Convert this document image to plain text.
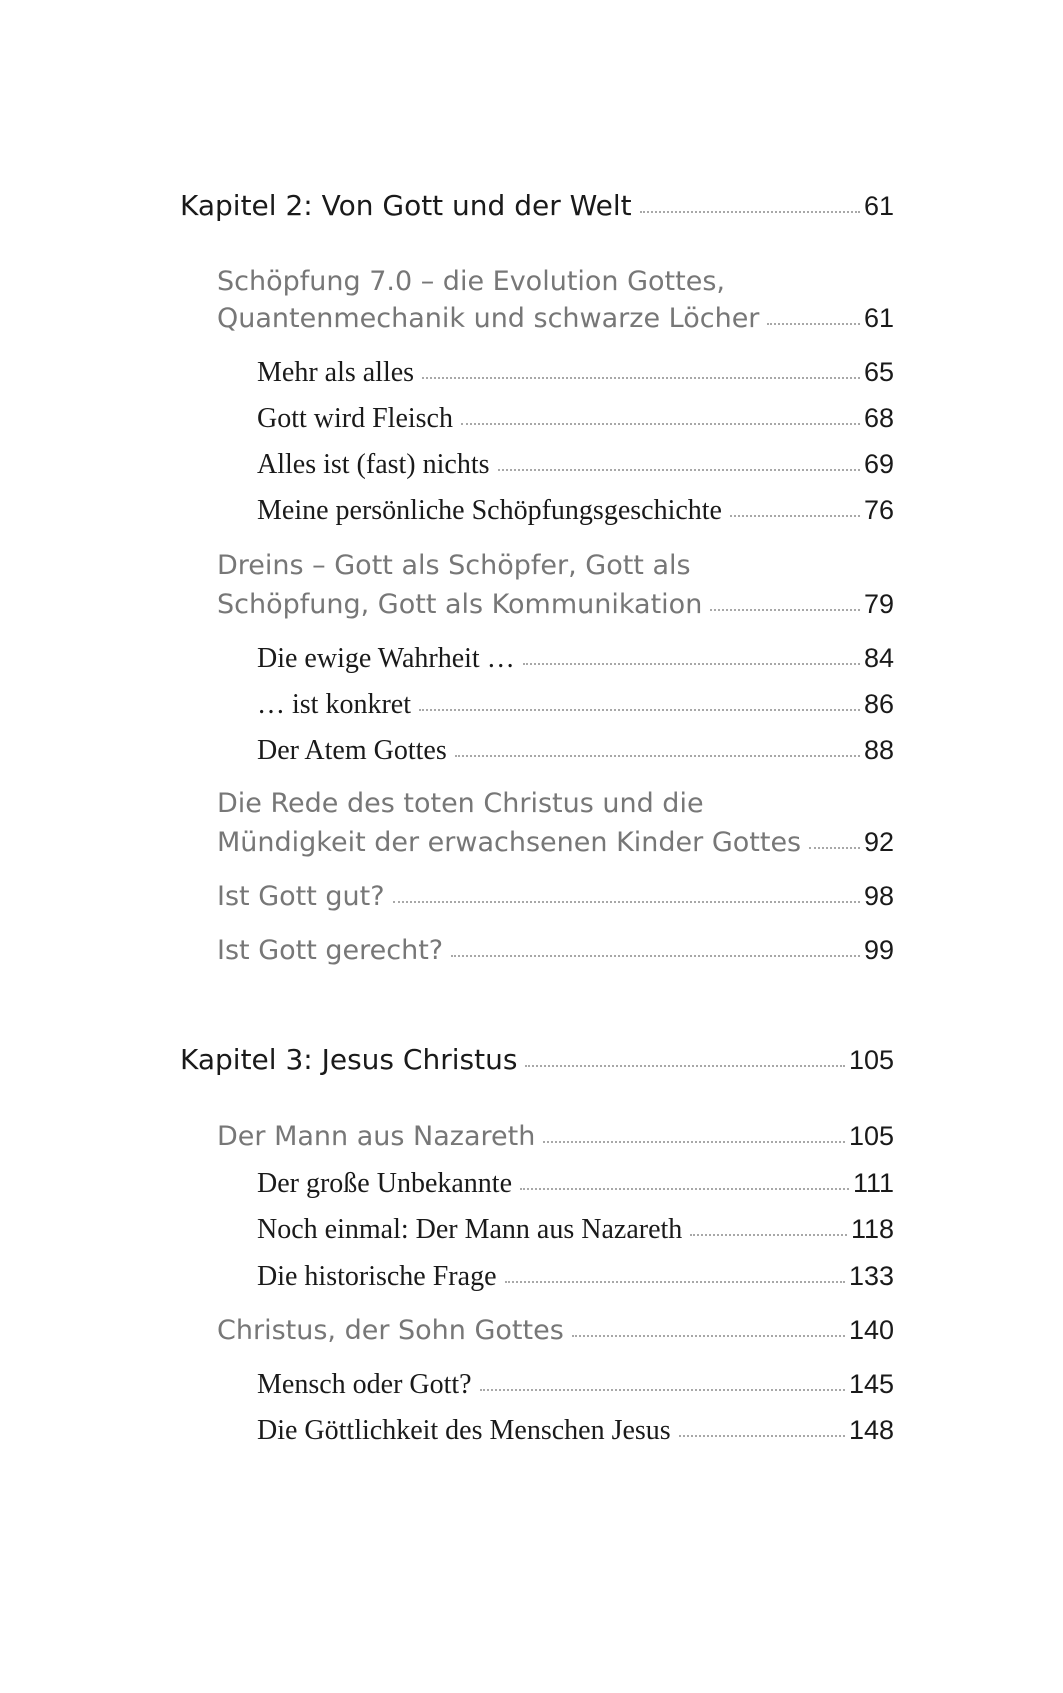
Kapitel 2: Von Gott und der Welt	61
Schöpfung 7.0 – die Evolution Gottes,
Quantenmechanik und schwarze Löcher	61
Mehr als alles	65
Gott wird Fleisch	68
Alles ist (fast) nichts	69
Meine persönliche Schöpfungsgeschichte	76
Dreins – Gott als Schöpfer, Gott als
Schöpfung, Gott als Kommunikation	79
Die ewige Wahrheit …	84
… ist konkret	86
Der Atem Gottes	88
Die Rede des toten Christus und die
Mündigkeit der erwachsenen Kinder Gottes 92
Ist Gott gut?	98
Ist Gott gerecht?	99
Kapitel 3: Jesus Christus	105
Der Mann aus Nazareth	105
Der große Unbekannte	111
Noch einmal: Der Mann aus Nazareth	118
Die historische Frage	133
Christus, der Sohn Gottes	140
Mensch oder Gott?	145
Die Göttlichkeit des Menschen Jesus	148
